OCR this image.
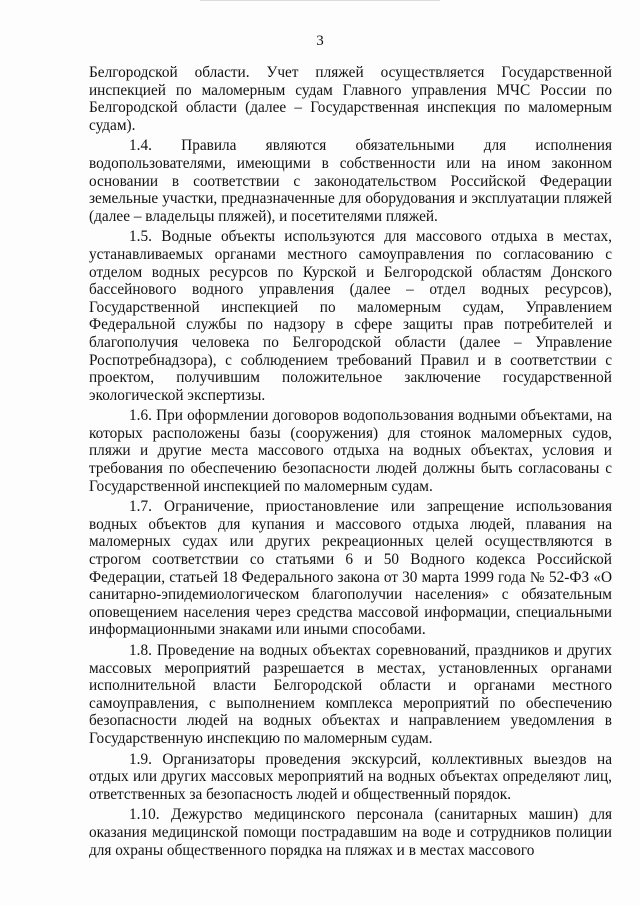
3

Белгородской области. Учет пляжей осуществляется Государственной инспекцией по маломерным судам Главного управления МЧС России по Белгородской области (далее – Государственная инспекция по маломерным судам).

1.4. Правила являются обязательными для исполнения водопользователями, имеющими в собственности или на ином законном основании в соответствии с законодательством Российской Федерации земельные участки, предназначенные для оборудования и эксплуатации пляжей (далее – владельцы пляжей), и посетителями пляжей.

1.5. Водные объекты используются для массового отдыха в местах, устанавливаемых органами местного самоуправления по согласованию с отделом водных ресурсов по Курской и Белгородской областям Донского бассейнового водного управления (далее – отдел водных ресурсов), Государственной инспекцией по маломерным судам, Управлением Федеральной службы по надзору в сфере защиты прав потребителей и благополучия человека по Белгородской области (далее – Управление Роспотребнадзора), с соблюдением требований Правил и в соответствии с проектом, получившим положительное заключение государственной экологической экспертизы.

1.6. При оформлении договоров водопользования водными объектами, на которых расположены базы (сооружения) для стоянок маломерных судов, пляжи и другие места массового отдыха на водных объектах, условия и требования по обеспечению безопасности людей должны быть согласованы с Государственной инспекцией по маломерным судам.

1.7. Ограничение, приостановление или запрещение использования водных объектов для купания и массового отдыха людей, плавания на маломерных судах или других рекреационных целей осуществляются в строгом соответствии со статьями 6 и 50 Водного кодекса Российской Федерации, статьей 18 Федерального закона от 30 марта 1999 года № 52-ФЗ «О санитарно-эпидемиологическом благополучии населения» с обязательным оповещением населения через средства массовой информации, специальными информационными знаками или иными способами.

1.8. Проведение на водных объектах соревнований, праздников и других массовых мероприятий разрешается в местах, установленных органами исполнительной власти Белгородской области и органами местного самоуправления, с выполнением комплекса мероприятий по обеспечению безопасности людей на водных объектах и направлением уведомления в Государственную инспекцию по маломерным судам.

1.9. Организаторы проведения экскурсий, коллективных выездов на отдых или других массовых мероприятий на водных объектах определяют лиц, ответственных за безопасность людей и общественный порядок.

1.10. Дежурство медицинского персонала (санитарных машин) для оказания медицинской помощи пострадавшим на воде и сотрудников полиции для охраны общественного порядка на пляжах и в местах массового
